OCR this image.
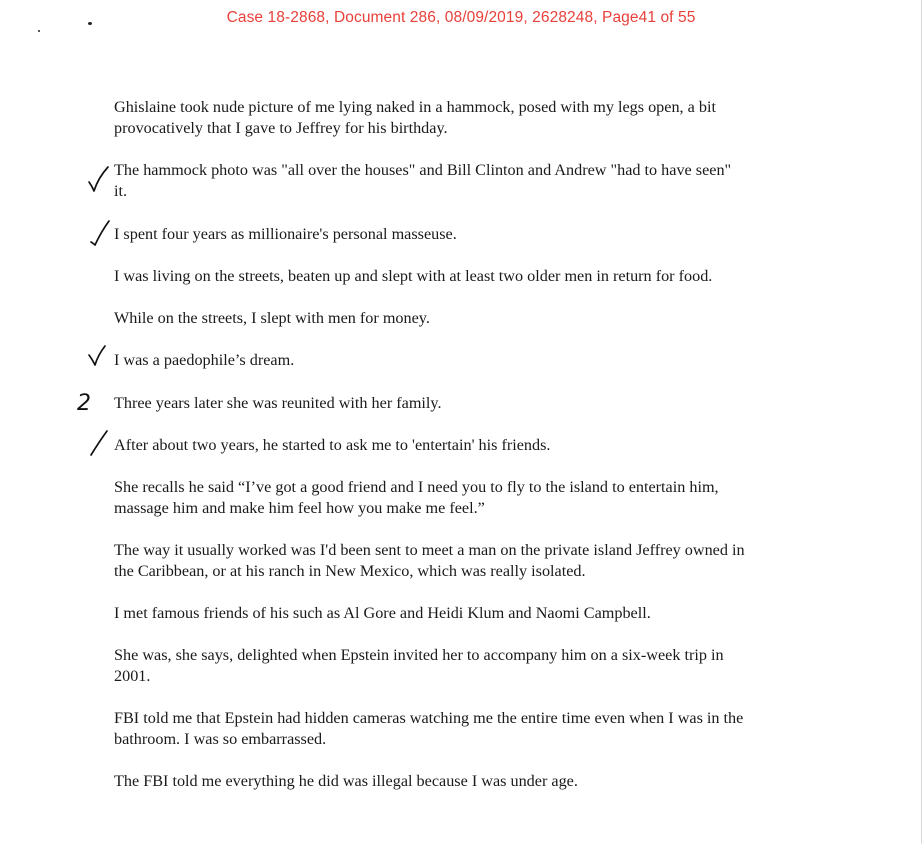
Case 18-2868, Document 286, 08/09/2019, 2628248, Page41 of 55
Ghislaine took nude picture of me lying naked in a hammock, posed with my legs open, a bit
provocatively that I gave to Jeffrey for his birthday.
The hammock photo was "all over the houses" and Bill Clinton and Andrew "had to have seen"
it.
I spent four years as millionaire's personal masseuse.
I was living on the streets, beaten up and slept with at least two older men in return for food.
While on the streets, I slept with men for money.
I was a paedophile’s dream.
Three years later she was reunited with her family.
After about two years, he started to ask me to 'entertain' his friends.
She recalls he said “I’ve got a good friend and I need you to fly to the island to entertain him,
massage him and make him feel how you make me feel.”
The way it usually worked was I'd been sent to meet a man on the private island Jeffrey owned in
the Caribbean, or at his ranch in New Mexico, which was really isolated.
I met famous friends of his such as Al Gore and Heidi Klum and Naomi Campbell.
She was, she says, delighted when Epstein invited her to accompany him on a six-week trip in
2001.
FBI told me that Epstein had hidden cameras watching me the entire time even when I was in the
bathroom. I was so embarrassed.
The FBI told me everything he did was illegal because I was under age.
2
